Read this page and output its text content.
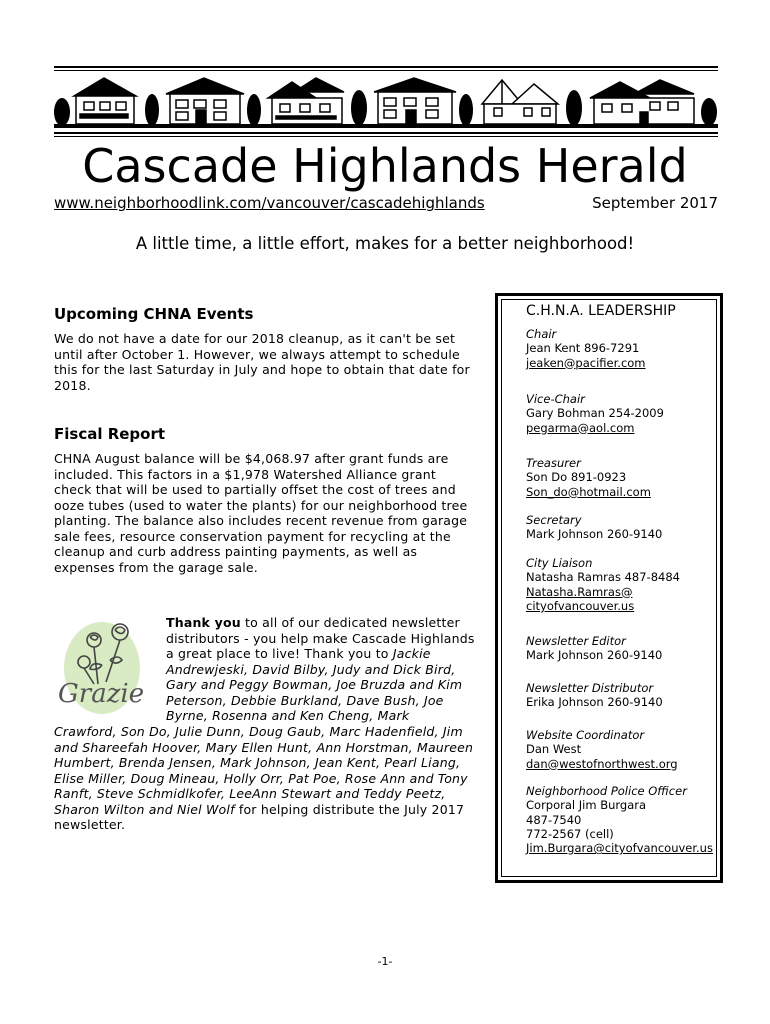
Cascade Highlands Herald
www.neighborhoodlink.com/vancouver/cascadehighlands	September 2017
A little time, a little effort, makes for a better neighborhood!
Upcoming CHNA Events
We do not have a date for our 2018 cleanup, as it can't be set until after October 1. However, we always attempt to schedule this for the last Saturday in July and hope to obtain that date for 2018.
Fiscal Report
CHNA August balance will be $4,068.97 after grant funds are included. This factors in a $1,978 Watershed Alliance grant check that will be used to partially offset the cost of trees and ooze tubes (used to water the plants) for our neighborhood tree planting. The balance also includes recent revenue from garage sale fees, resource conservation payment for recycling at the cleanup and curb address painting payments, as well as expenses from the garage sale.
Grazie
Thank you to all of our dedicated newsletter distributors - you help make Cascade Highlands a great place to live! Thank you to Jackie Andrewjeski, David Bilby, Judy and Dick Bird, Gary and Peggy Bowman, Joe Bruzda and Kim Peterson, Debbie Burkland, Dave Bush, Joe Byrne, Rosenna and Ken Cheng, Mark
Crawford, Son Do, Julie Dunn, Doug Gaub, Marc Hadenfield, Jim and Shareefah Hoover, Mary Ellen Hunt, Ann Horstman, Maureen Humbert, Brenda Jensen, Mark Johnson, Jean Kent, Pearl Liang, Elise Miller, Doug Mineau, Holly Orr, Pat Poe, Rose Ann and Tony Ranft, Steve Schmidlkofer, LeeAnn Stewart and Teddy Peetz, Sharon Wilton and Niel Wolf for helping distribute the July 2017 newsletter.
C.H.N.A. LEADERSHIP
Chair
Jean Kent 896-7291
jeaken@pacifier.com
Vice-Chair
Gary Bohman 254-2009
pegarma@aol.com
Treasurer
Son Do 891-0923
Son_do@hotmail.com
Secretary
Mark Johnson 260-9140
City Liaison
Natasha Ramras 487-8484
Natasha.Ramras@
cityofvancouver.us
Newsletter Editor
Mark Johnson 260-9140
Newsletter Distributor
Erika Johnson 260-9140
Website Coordinator
Dan West
dan@westofnorthwest.org
Neighborhood Police Officer
Corporal Jim Burgara
487-7540
772-2567 (cell)
Jim.Burgara@cityofvancouver.us
-1-
